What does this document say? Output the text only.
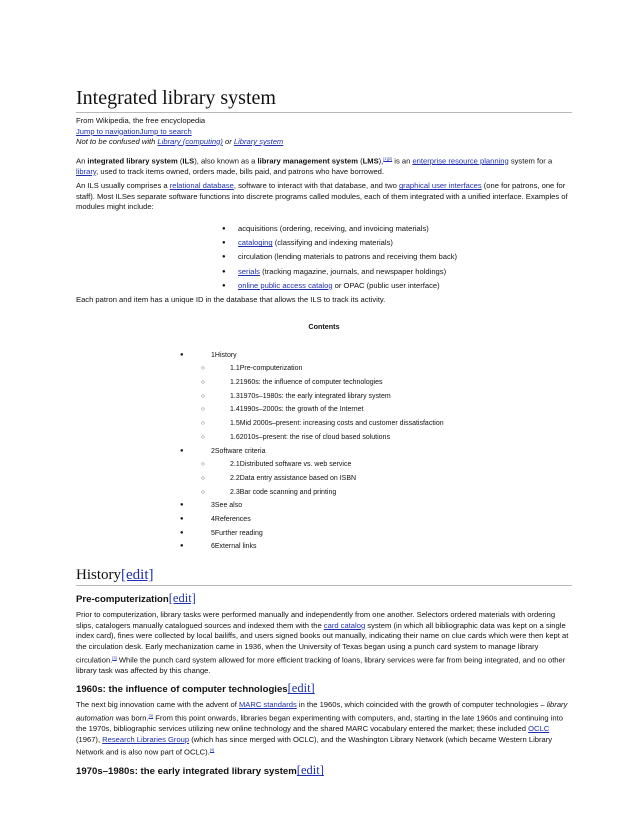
Integrated library system
From Wikipedia, the free encyclopedia
Jump to navigationJump to search
Not to be confused with Library (computing) or Library system

An integrated library system (ILS), also known as a library management system (LMS),[1][2] is an enterprise resource planning system for a library, used to track items owned, orders made, bills paid, and patrons who have borrowed.

An ILS usually comprises a relational database, software to interact with that database, and two graphical user interfaces (one for patrons, one for staff). Most ILSes separate software functions into discrete programs called modules, each of them integrated with a unified interface. Examples of modules might include:

● acquisitions (ordering, receiving, and invoicing materials)
● cataloging (classifying and indexing materials)
● circulation (lending materials to patrons and receiving them back)
● serials (tracking magazine, journals, and newspaper holdings)
● online public access catalog or OPAC (public user interface)

Each patron and item has a unique ID in the database that allows the ILS to track its activity.

Contents
● 1History
○ 1.1Pre-computerization
○ 1.21960s: the influence of computer technologies
○ 1.31970s–1980s: the early integrated library system
○ 1.41990s–2000s: the growth of the Internet
○ 1.5Mid 2000s–present: increasing costs and customer dissatisfaction
○ 1.62010s–present: the rise of cloud based solutions
● 2Software criteria
○ 2.1Distributed software vs. web service
○ 2.2Data entry assistance based on ISBN
○ 2.3Bar code scanning and printing
● 3See also
● 4References
● 5Further reading
● 6External links
History[edit]
Pre-computerization[edit]

Prior to computerization, library tasks were performed manually and independently from one another. Selectors ordered materials with ordering slips, catalogers manually catalogued sources and indexed them with the card catalog system (in which all bibliographic data was kept on a single index card), fines were collected by local bailiffs, and users signed books out manually, indicating their name on clue cards which were then kept at the circulation desk. Early mechanization came in 1936, when the University of Texas began using a punch card system to manage library circulation.[3] While the punch card system allowed for more efficient tracking of loans, library services were far from being integrated, and no other library task was affected by this change.

1960s: the influence of computer technologies[edit]

The next big innovation came with the advent of MARC standards in the 1960s, which coincided with the growth of computer technologies – library automation was born.[3] From this point onwards, libraries began experimenting with computers, and, starting in the late 1960s and continuing into the 1970s, bibliographic services utilizing new online technology and the shared MARC vocabulary entered the market; these included OCLC (1967), Research Libraries Group (which has since merged with OCLC), and the Washington Library Network (which became Western Library Network and is also now part of OCLC).[4]

1970s–1980s: the early integrated library system[edit]
